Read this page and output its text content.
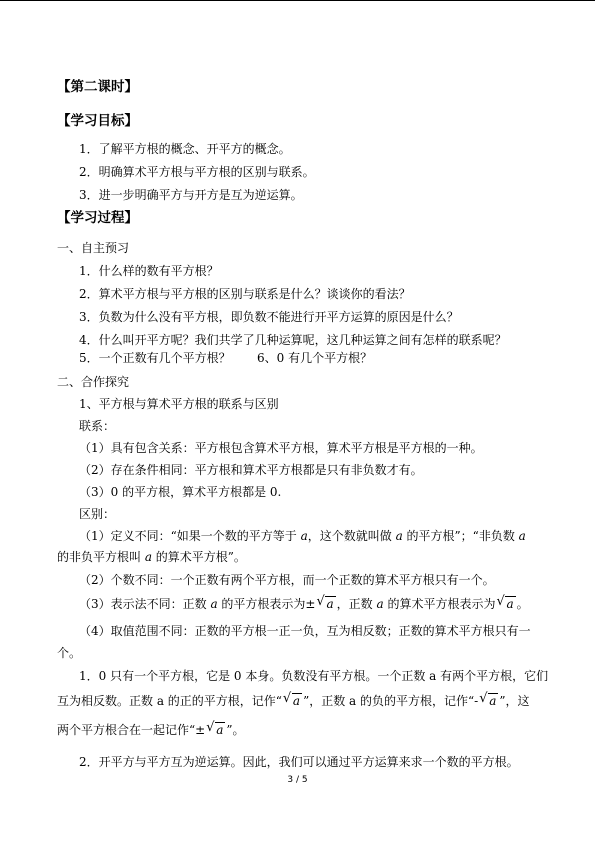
【第二课时】
【学习目标】
1．了解平方根的概念、开平方的概念。
2．明确算术平方根与平方根的区别与联系。
3．进一步明确平方与开方是互为逆运算。
【学习过程】
一、自主预习
1．什么样的数有平方根？
2．算术平方根与平方根的区别与联系是什么？谈谈你的看法？
3．负数为什么没有平方根，即负数不能进行开平方运算的原因是什么？
4．什么叫开平方呢？我们共学了几种运算呢，这几种运算之间有怎样的联系呢？
5．一个正数有几个平方根？ 6、0 有几个平方根？
二、合作探究
1、平方根与算术平方根的联系与区别
联系：
（1）具有包含关系：平方根包含算术平方根，算术平方根是平方根的一种。
（2）存在条件相同：平方根和算术平方根都是只有非负数才有。
（3）0 的平方根，算术平方根都是 0.
区别：
（1）定义不同：“如果一个数的平方等于 a，这个数就叫做 a 的平方根”；“非负数 a
的非负平方根叫 a 的算术平方根”。
（2）个数不同：一个正数有两个平方根，而一个正数的算术平方根只有一个。
（3）表示法不同：正数 a 的平方根表示为± √ a ，正数 a 的算术平方根表示为 √ a 。
（4）取值范围不同：正数的平方根一正一负，互为相反数；正数的算术平方根只有一
个。
1．0 只有一个平方根，它是 0 本身。负数没有平方根。一个正数 a 有两个平方根，它们
互为相反数。正数 a 的正的平方根，记作“ √ a ”，正数 a 的负的平方根，记作“- √ a ”，这
两个平方根合在一起记作“± √ a ”。
2．开平方与平方互为逆运算。因此，我们可以通过平方运算来求一个数的平方根。
3 / 5
